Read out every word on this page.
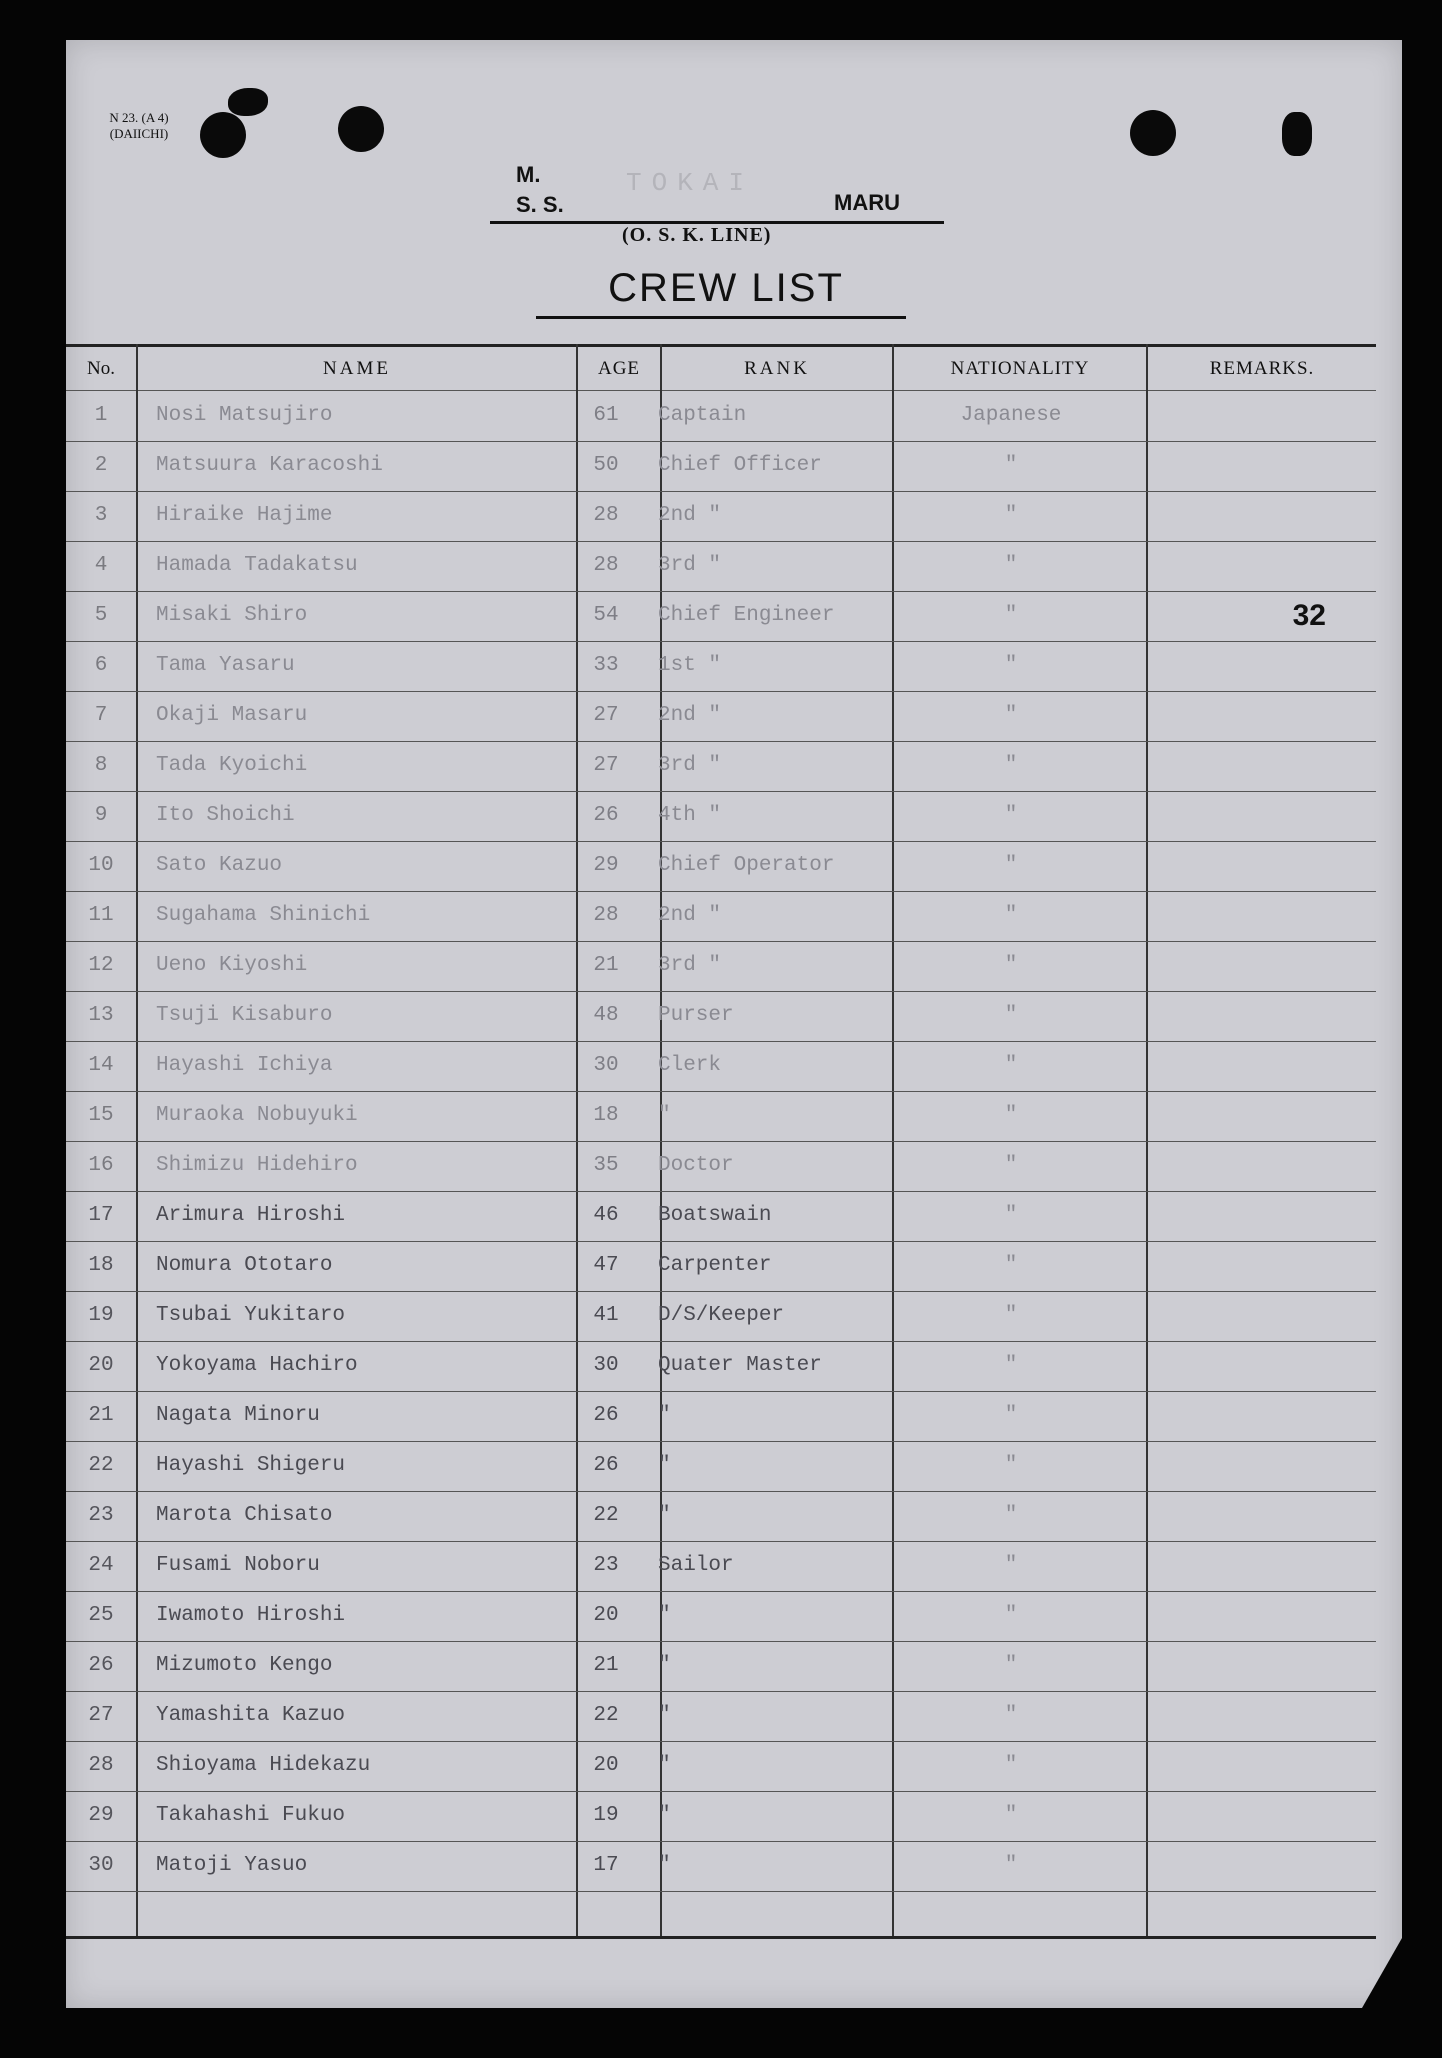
N 23. (A 4)
(DAIICHI)
M.
S. S.
TOKAI
MARU
(O. S. K. LINE)
CREW LIST
No.	NAME	AGE	RANK	NATIONALITY	REMARKS.
1	Nosi Matsujiro	61	Captain	Japanese
2	Matsuura Karacoshi	50	Chief Officer	"
3	Hiraike Hajime	28	2nd "	"
4	Hamada Tadakatsu	28	3rd "	"
5	Misaki Shiro	54	Chief Engineer	"	32
6	Tama Yasaru	33	1st "	"
7	Okaji Masaru	27	2nd "	"
8	Tada Kyoichi	27	3rd "	"
9	Ito Shoichi	26	4th "	"
10	Sato Kazuo	29	Chief Operator	"
11	Sugahama Shinichi	28	2nd "	"
12	Ueno Kiyoshi	21	3rd "	"
13	Tsuji Kisaburo	48	Purser	"
14	Hayashi Ichiya	30	Clerk	"
15	Muraoka Nobuyuki	18	"	"
16	Shimizu Hidehiro	35	Doctor	"
17	Arimura Hiroshi	46	Boatswain	"
18	Nomura Ototaro	47	Carpenter	"
19	Tsubai Yukitaro	41	D/S/Keeper	"
20	Yokoyama Hachiro	30	Quater Master	"
21	Nagata Minoru	26	"	"
22	Hayashi Shigeru	26	"	"
23	Marota Chisato	22	"	"
24	Fusami Noboru	23	Sailor	"
25	Iwamoto Hiroshi	20	"	"
26	Mizumoto Kengo	21	"	"
27	Yamashita Kazuo	22	"	"
28	Shioyama Hidekazu	20	"	"
29	Takahashi Fukuo	19	"	"
30	Matoji Yasuo	17	"	"
